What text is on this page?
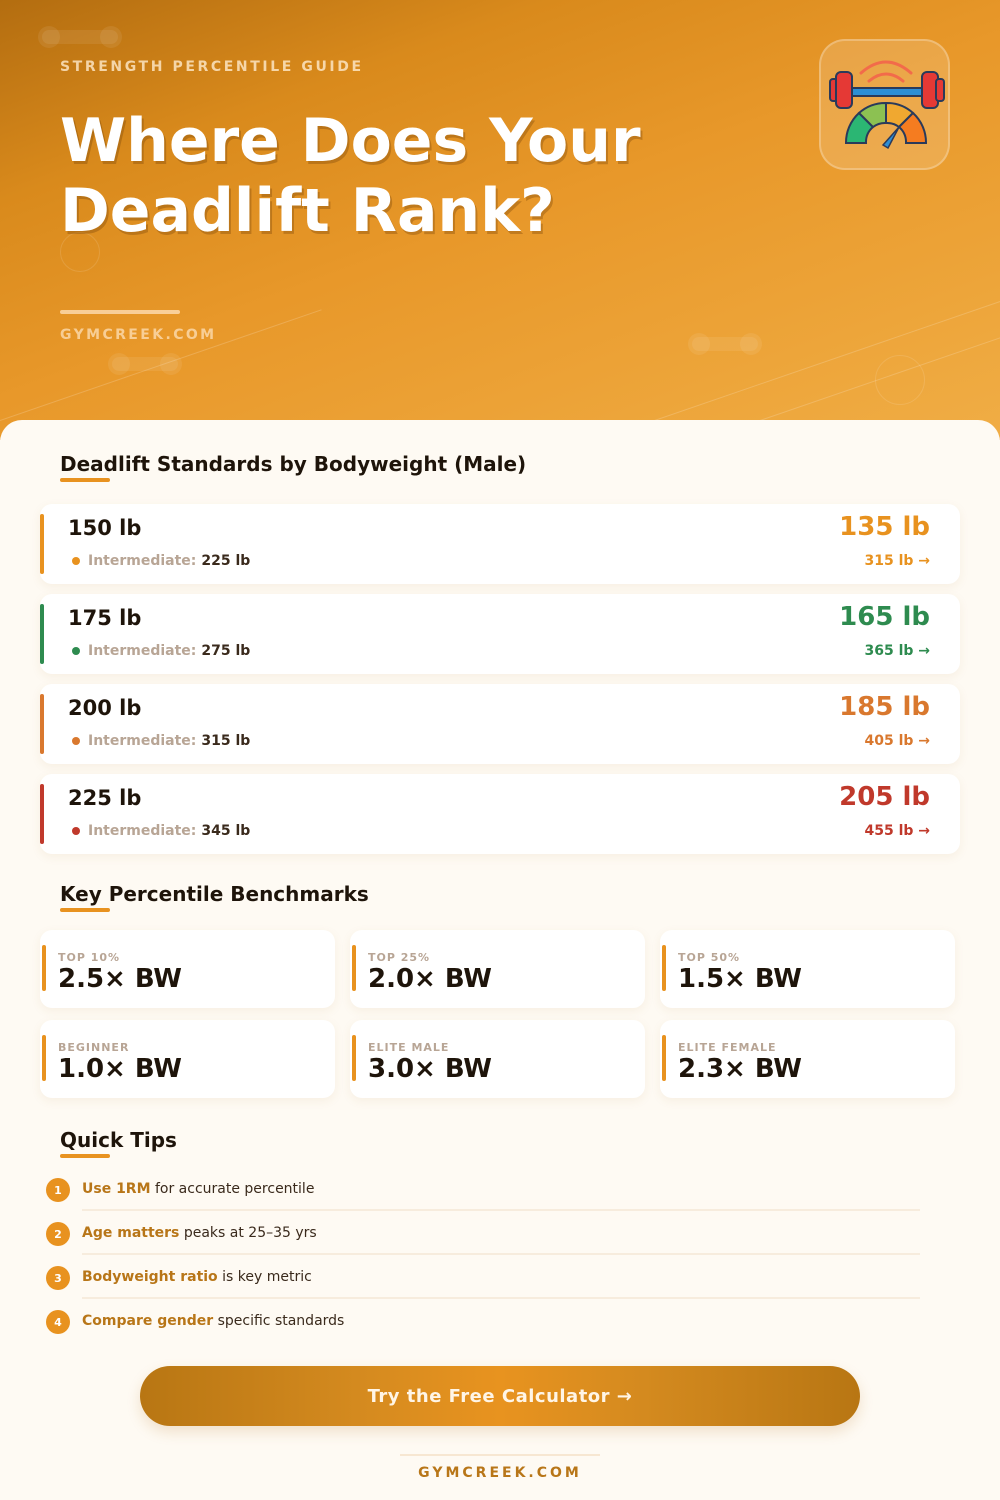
STRENGTH PERCENTILE GUIDE
Where Does Your
Deadlift Rank?
GYMCREEK.COM
Deadlift Standards by Bodyweight (Male)
150 lb
Intermediate: 225 lb
135 lb
315 lb →
175 lb
Intermediate: 275 lb
165 lb
365 lb →
200 lb
Intermediate: 315 lb
185 lb
405 lb →
225 lb
Intermediate: 345 lb
205 lb
455 lb →
Key Percentile Benchmarks
TOP 10%
2.5× BW
TOP 25%
2.0× BW
TOP 50%
1.5× BW
BEGINNER
1.0× BW
ELITE MALE
3.0× BW
ELITE FEMALE
2.3× BW
Quick Tips
1	Use 1RM for accurate percentile
2	Age matters peaks at 25–35 yrs
3	Bodyweight ratio is key metric
4	Compare gender specific standards
Try the Free Calculator →
GYMCREEK.COM
